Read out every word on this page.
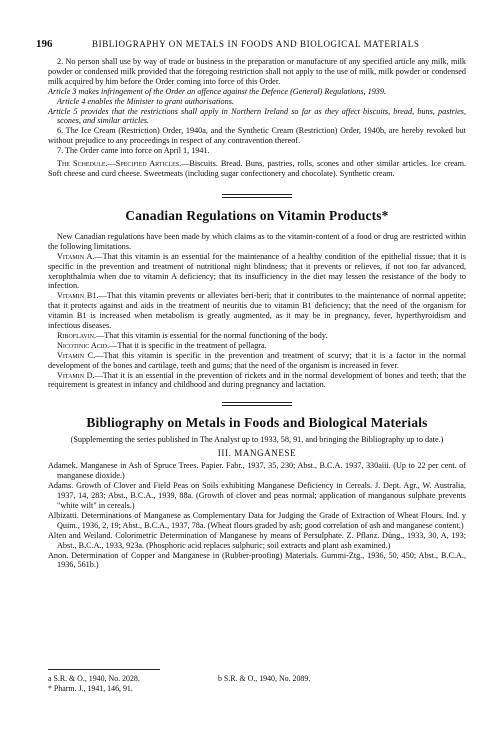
196	BIBLIOGRAPHY ON METALS IN FOODS AND BIOLOGICAL MATERIALS

2. No person shall use by way of trade or business in the preparation or manufacture of any specified article any milk, milk powder or condensed milk provided that the foregoing restriction shall not apply to the use of milk, milk powder or condensed milk acquired by him before the Order coming into force of this Order.

Article 3 makes infringement of the Order an offence against the Defence (General) Regulations, 1939.

Article 4 enables the Minister to grant authorisations.

Article 5 provides that the restrictions shall apply in Northern Ireland so far as they affect biscuits, bread, buns, pastries, scones, and similar articles.

6. The Ice Cream (Restriction) Order, 1940a, and the Synthetic Cream (Restriction) Order, 1940b, are hereby revoked but without prejudice to any proceedings in respect of any contravention thereof.

7. The Order came into force on April 1, 1941.

The Schedule.—Specified Articles.—Biscuits. Bread. Buns, pastries, rolls, scones and other similar articles. Ice cream. Soft cheese and curd cheese. Sweetmeats (including sugar confectionery and chocolate). Synthetic cream.

Canadian Regulations on Vitamin Products*

New Canadian regulations have been made by which claims as to the vitamin-content of a food or drug are restricted within the following limitations.

Vitamin A.—That this vitamin is an essential for the maintenance of a healthy condition of the epithelial tissue; that it is specific in the prevention and treatment of nutritional night blindness; that it prevents or relieves, if not too far advanced, xerophthalmia when due to vitamin A deficiency; that its insufficiency in the diet may lessen the resistance of the body to infection.

Vitamin B1.—That this vitamin prevents or alleviates beri-beri; that it contributes to the maintenance of normal appetite; that it protects against and aids in the treatment of neuritis due to vitamin B1 deficiency; that the need of the organism for vitamin B1 is increased when metabolism is greatly augmented, as it may be in pregnancy, fever, hyperthyroidism and infectious diseases.

Riboflavin.—That this vitamin is essential for the normal functioning of the body.

Nicotinic Acid.—That it is specific in the treatment of pellagra.

Vitamin C.—That this vitamin is specific in the prevention and treatment of scurvy; that it is a factor in the normal development of the bones and cartilage, teeth and gums; that the need of the organism is increased in fever.

Vitamin D.—That it is an essential in the prevention of rickets and in the normal development of bones and teeth; that the requirement is greatest in infancy and childhood and during pregnancy and lactation.

Bibliography on Metals in Foods and Biological Materials

(Supplementing the series published in The Analyst up to 1933, 58, 91, and bringing the Bibliography up to date.)

III. MANGANESE

Adamek. Manganese in Ash of Spruce Trees. Papier. Fabr., 1937, 35, 230; Abst., B.C.A. 1937, 330aiii. (Up to 22 per cent. of manganese dioxide.)

Adams. Growth of Clover and Field Peas on Soils exhibiting Manganese Deficiency in Cereals. J. Dept. Agr., W. Australia, 1937, 14, 283; Abst., B.C.A., 1939, 88a. (Growth of clover and peas normal; application of manganous sulphate prevents "white wilt" in cereals.)

Albizatti. Determinations of Manganese as Complementary Data for Judging the Grade of Extraction of Wheat Flours. Ind. y Quim., 1936, 2, 19; Abst., B.C.A., 1937, 78a. (Wheat flours graded by ash; good correlation of ash and manganese content.)

Alten and Weiland. Colorimetric Determination of Manganese by means of Persulphate. Z. Pflanz. Düng., 1933, 30, A, 193; Abst., B.C.A., 1933, 923a. (Phosphoric acid replaces sulphuric; soil extracts and plant ash examined.)

Anon. Determination of Copper and Manganese in (Rubber-proofing) Materials. Gummi-Ztg., 1936, 50, 450; Abst., B.C.A., 1936, 561b.)

a S.R. & O., 1940, No. 2028.	b S.R. & O., 1940, No. 2089.
* Pharm. J., 1941, 146, 91.
